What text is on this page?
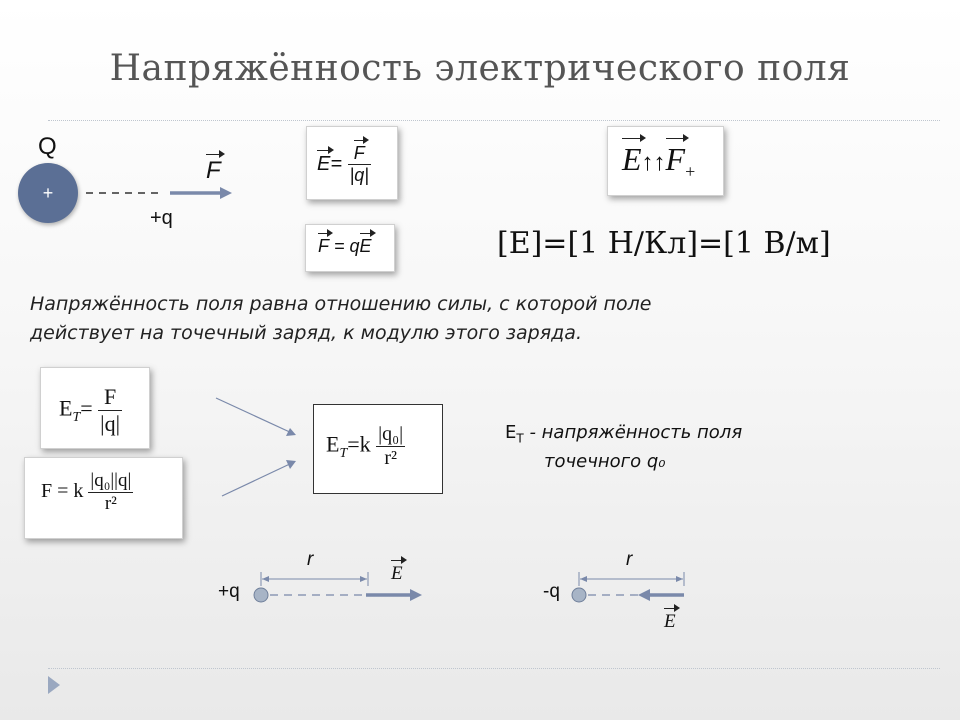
Напряжённость электрического поля
Q
+
F
+q
$E= \frac{F}{|q|}$
F = qE
$E↑↑F_+$
[E]=[1 Н/Кл]=[1 В/м]
Напряжённость поля равна отношению силы, с которой поле
действует на точечный заряд, к модулю этого заряда.
$E_T= \frac{F}{|q|}$
F = k $\frac{\text{|q₀||q|}}{\text{r²}}$
$E_T=k \frac{\text{|q₀|}}{\text{r²}}$	$E_T$ - напряжённость поля
точечного q₀
+q
r
E
-q
r
E
